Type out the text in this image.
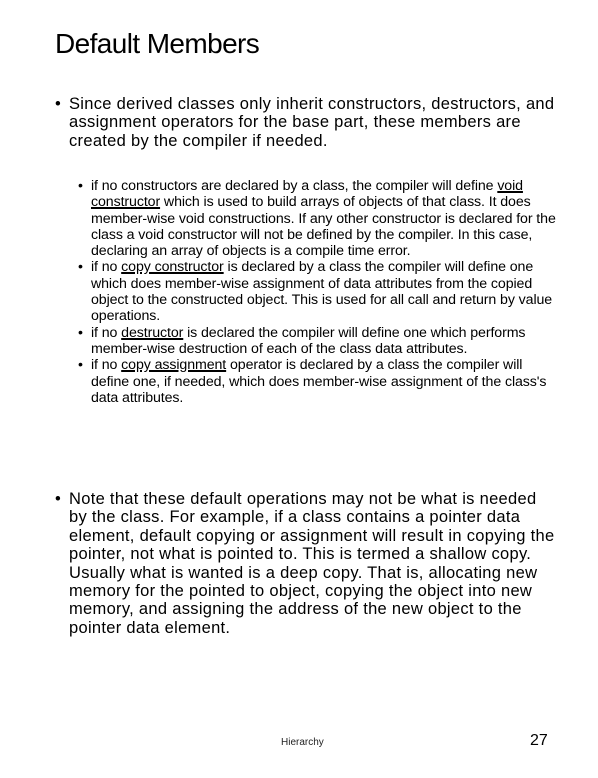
Default Members
• Since derived classes only inherit constructors, destructors, and assignment operators for the base part, these members are created by the compiler if needed.

• if no constructors are declared by a class, the compiler will define void constructor which is used to build arrays of objects of that class. It does member-wise void constructions. If any other constructor is declared for the class a void constructor will not be defined by the compiler. In this case, declaring an array of objects is a compile time error.

• if no copy constructor is declared by a class the compiler will define one which does member-wise assignment of data attributes from the copied object to the constructed object. This is used for all call and return by value operations.

• if no destructor is declared the compiler will define one which performs member-wise destruction of each of the class data attributes.

• if no copy assignment operator is declared by a class the compiler will define one, if needed, which does member-wise assignment of the class's data attributes.

• Note that these default operations may not be what is needed by the class. For example, if a class contains a pointer data element, default copying or assignment will result in copying the pointer, not what is pointed to. This is termed a shallow copy. Usually what is wanted is a deep copy. That is, allocating new memory for the pointed to object, copying the object into new memory, and assigning the address of the new object to the pointer data element.
Hierarchy	27
